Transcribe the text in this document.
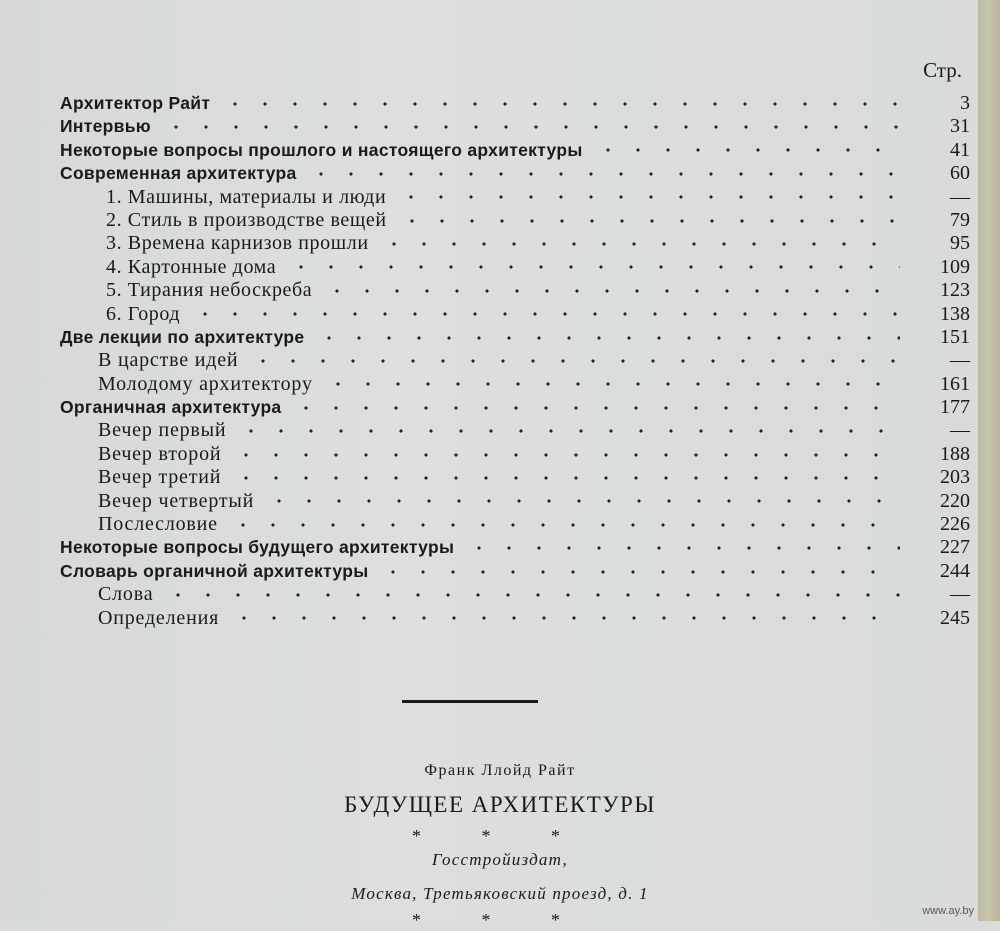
Стр.
Архитектор Райт	3
Интервью	31
Некоторые вопросы прошлого и настоящего архитектуры	41
Современная архитектура	60
1. Машины, материалы и люди	—
2. Стиль в производстве вещей	79
3. Времена карнизов прошли	95
4. Картонные дома	109
5. Тирания небоскреба	123
6. Город	138
Две лекции по архитектуре	151
В царстве идей	—
Молодому архитектору	161
Органичная архитектура	177
Вечер первый	—
Вечер второй	188
Вечер третий	203
Вечер четвертый	220
Послесловие	226
Некоторые вопросы будущего архитектуры	227
Словарь органичной архитектуры	244
Слова	—
Определения	245
Франк Ллойд Райт
БУДУЩЕЕ АРХИТЕКТУРЫ
* * *
Госстройиздат,
Москва, Третьяковский проезд, д. 1
* * *	www.ay.by
